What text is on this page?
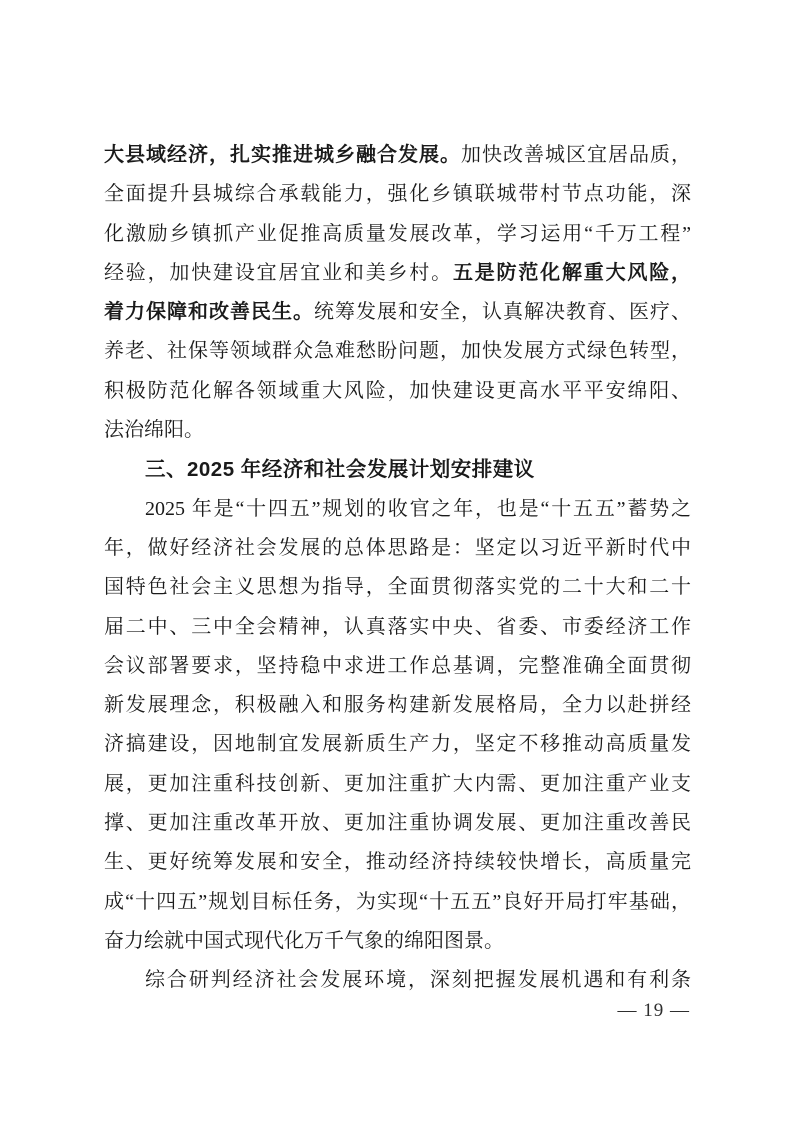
大县域经济，扎实推进城乡融合发展。加快改善城区宜居品质，
全面提升县城综合承载能力，强化乡镇联城带村节点功能，深
化激励乡镇抓产业促推高质量发展改革，学习运用“千万工程”
经验，加快建设宜居宜业和美乡村。五是防范化解重大风险，
着力保障和改善民生。统筹发展和安全，认真解决教育、医疗、
养老、社保等领域群众急难愁盼问题，加快发展方式绿色转型，
积极防范化解各领域重大风险，加快建设更高水平平安绵阳、
法治绵阳。
三、2025 年经济和社会发展计划安排建议
2025 年是“十四五”规划的收官之年，也是“十五五”蓄势之
年，做好经济社会发展的总体思路是：坚定以习近平新时代中
国特色社会主义思想为指导，全面贯彻落实党的二十大和二十
届二中、三中全会精神，认真落实中央、省委、市委经济工作
会议部署要求，坚持稳中求进工作总基调，完整准确全面贯彻
新发展理念，积极融入和服务构建新发展格局，全力以赴拼经
济搞建设，因地制宜发展新质生产力，坚定不移推动高质量发
展，更加注重科技创新、更加注重扩大内需、更加注重产业支
撑、更加注重改革开放、更加注重协调发展、更加注重改善民
生、更好统筹发展和安全，推动经济持续较快增长，高质量完
成“十四五”规划目标任务，为实现“十五五”良好开局打牢基础，
奋力绘就中国式现代化万千气象的绵阳图景。
综合研判经济社会发展环境，深刻把握发展机遇和有利条
— 19 —
